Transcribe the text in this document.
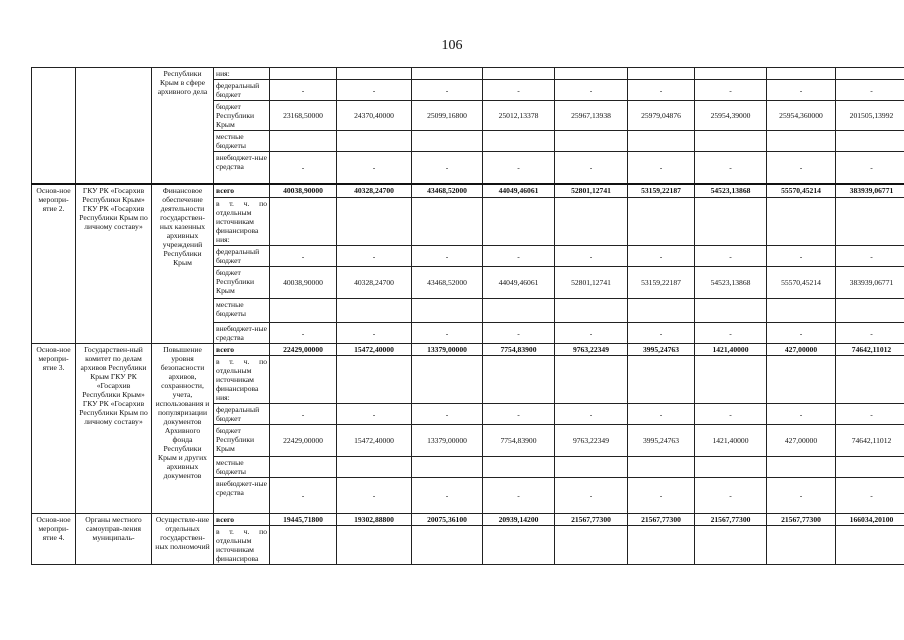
106
		Республики Крым в сфере архивного дела	ния:									
			федеральный бюджет	-	-	-	-	-	-	-	-	-
			бюджет Республики Крым	23168,50000	24370,40000	25099,16800	25012,13378	25967,13938	25979,04876	25954,39000	25954,360000	201505,13992
			местные бюджеты									
			внебюджет-ные средства	-	-	-	-	-	-	-	-	-
Основ-ное меропри-ятие 2.	ГКУ РК «Госархив Республики Крым» ГКУ РК «Госархив Республики Крым по личному составу»	Финансовое обеспечение деятельности государствен-ных казенных архивных учреждений Республики Крым	всего	40038,90000	40328,24700	43468,52000	44049,46061	52801,12741	53159,22187	54523,13868	55570,45214	383939,06771
			в т. ч. по отдельным источникам финансирова ния:									
			федеральный бюджет	-	-	-	-	-	-	-	-	-
			бюджет Республики Крым	40038,90000	40328,24700	43468,52000	44049,46061	52801,12741	53159,22187	54523,13868	55570,45214	383939,06771
			местные бюджеты									
			внебюджет-ные средства	-	-	-	-	-	-	-	-	-
Основ-ное меропри-ятие 3.	Государствен-ный комитет по делам архивов Республики Крым ГКУ РК «Госархив Республики Крым» ГКУ РК «Госархив Республики Крым по личному составу»	Повышение уровня безопасности архивов, сохранности, учета, использования и популяризации документов Архивного фонда Республики Крым и других архивных документов	всего	22429,00000	15472,40000	13379,00000	7754,83900	9763,22349	3995,24763	1421,40000	427,00000	74642,11012
			в т. ч. по отдельным источникам финансирова ния:									
			федеральный бюджет	-	-	-	-	-	-	-	-	-
			бюджет Республики Крым	22429,00000	15472,40000	13379,00000	7754,83900	9763,22349	3995,24763	1421,40000	427,00000	74642,11012
			местные бюджеты									
			внебюджет-ные средства	-	-	-	-	-	-	-	-	-
Основ-ное меропри-ятие 4.	Органы местного самоуправ-ления муниципаль-	Осуществле-ние отдельных государствен-ных полномочий	всего	19445,71800	19302,88800	20075,36100	20939,14200	21567,77300	21567,77300	21567,77300	21567,77300	166034,20100
			в т. ч. по отдельным источникам финансирова									
